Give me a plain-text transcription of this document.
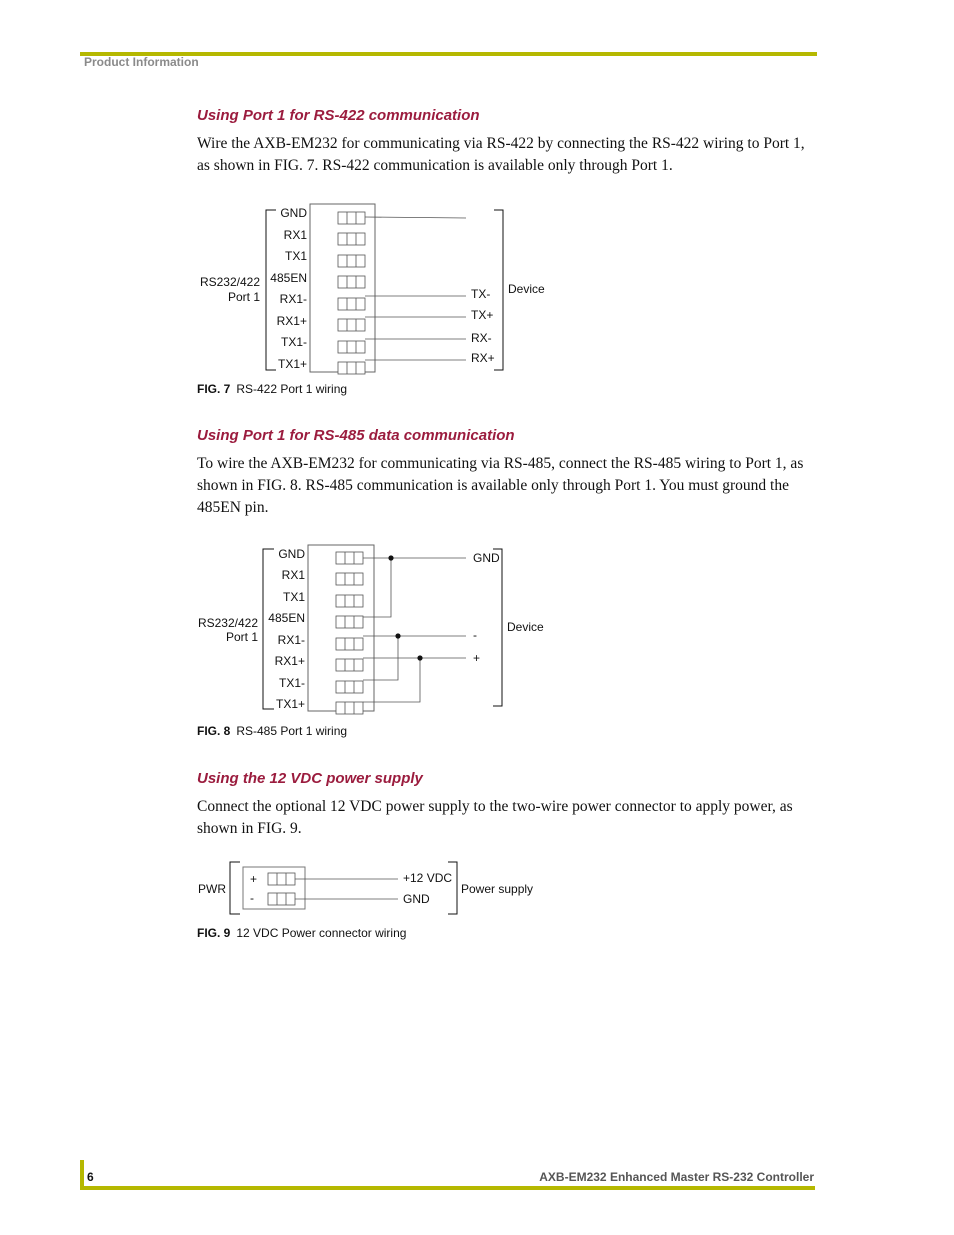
Product Information
Using Port 1 for RS-422 communication
Wire the AXB-EM232 for communicating via RS-422 by connecting the RS-422 wiring to Port 1, as shown in FIG. 7. RS-422 communication is available only through Port 1.
RS232/422
Port 1
GND
RX1
TX1
485EN
RX1-
RX1+
TX1-
TX1+
TX-
TX+
RX-
RX+
Device
FIG. 7 RS-422 Port 1 wiring
Using Port 1 for RS-485 data communication
To wire the AXB-EM232 for communicating via RS-485, connect the RS-485 wiring to Port 1, as shown in FIG. 8. RS-485 communication is available only through Port 1. You must ground the 485EN pin.
RS232/422
Port 1
GND
RX1
TX1
485EN
RX1-
RX1+
TX1-
TX1+
GND
-
+
Device
FIG. 8 RS-485 Port 1 wiring
Using the 12 VDC power supply
Connect the optional 12 VDC power supply to the two-wire power connector to apply power, as shown in FIG. 9.
PWR
+
-
+12 VDC
GND
Power supply
FIG. 9 12 VDC Power connector wiring
6	AXB-EM232 Enhanced Master RS-232 Controller
